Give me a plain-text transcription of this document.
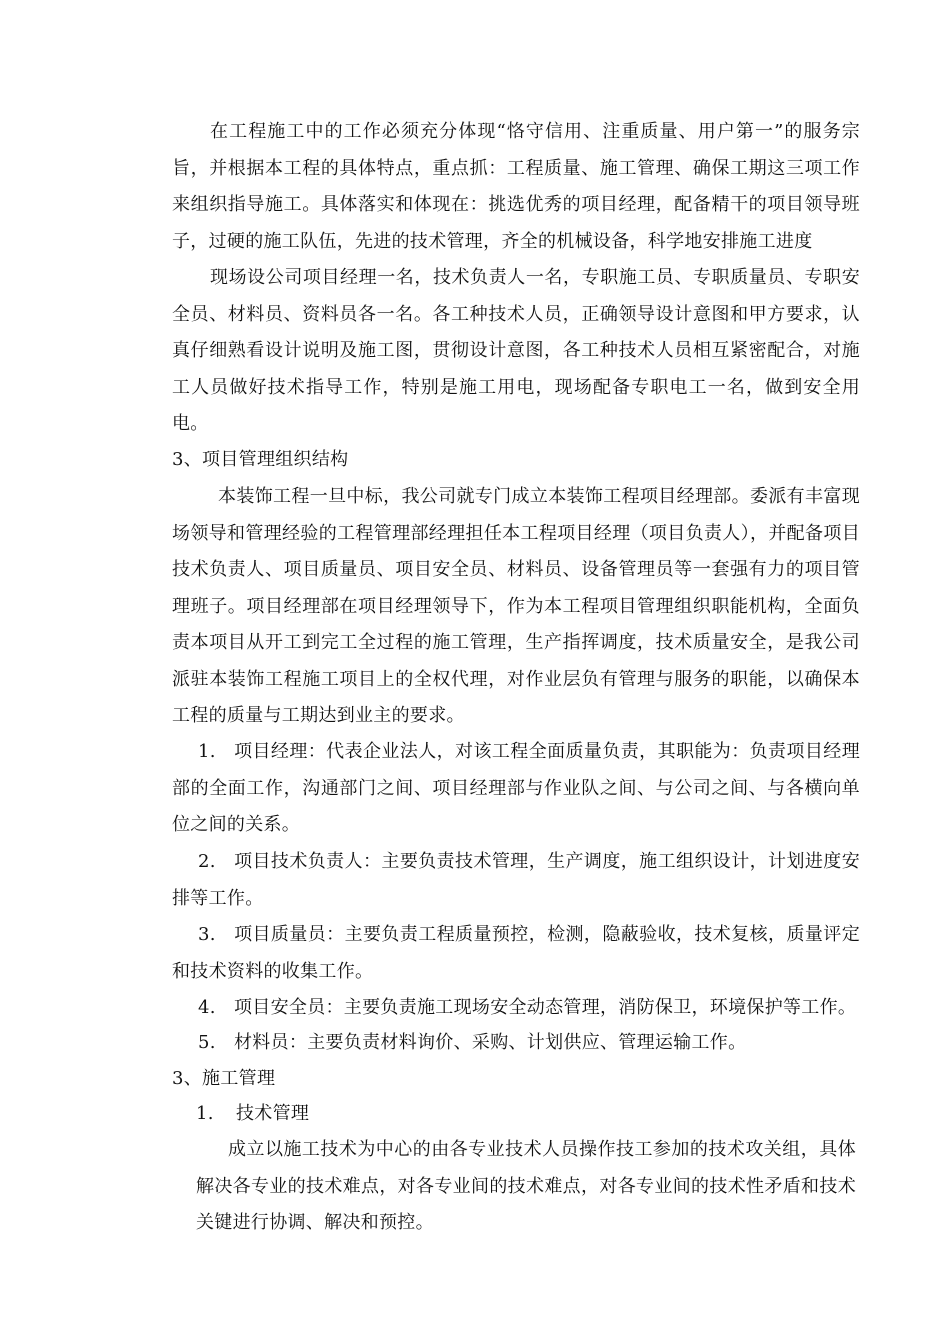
在工程施工中的工作必须充分体现“恪守信用、注重质量、用户第一”的服务宗旨，并根据本工程的具体特点，重点抓：工程质量、施工管理、确保工期这三项工作来组织指导施工。具体落实和体现在：挑选优秀的项目经理，配备精干的项目领导班子，过硬的施工队伍，先进的技术管理，齐全的机械设备，科学地安排施工进度
现场设公司项目经理一名，技术负责人一名，专职施工员、专职质量员、专职安全员、材料员、资料员各一名。各工种技术人员，正确领导设计意图和甲方要求，认真仔细熟看设计说明及施工图，贯彻设计意图，各工种技术人员相互紧密配合，对施工人员做好技术指导工作，特别是施工用电，现场配备专职电工一名，做到安全用电。
3、项目管理组织结构
本装饰工程一旦中标，我公司就专门成立本装饰工程项目经理部。委派有丰富现场领导和管理经验的工程管理部经理担任本工程项目经理（项目负责人），并配备项目技术负责人、项目质量员、项目安全员、材料员、设备管理员等一套强有力的项目管理班子。项目经理部在项目经理领导下，作为本工程项目管理组织职能机构，全面负责本项目从开工到完工全过程的施工管理，生产指挥调度，技术质量安全，是我公司派驻本装饰工程施工项目上的全权代理，对作业层负有管理与服务的职能，以确保本工程的质量与工期达到业主的要求。
1. 项目经理：代表企业法人，对该工程全面质量负责，其职能为：负责项目经理部的全面工作，沟通部门之间、项目经理部与作业队之间、与公司之间、与各横向单位之间的关系。
2. 项目技术负责人：主要负责技术管理，生产调度，施工组织设计，计划进度安排等工作。
3. 项目质量员：主要负责工程质量预控，检测，隐蔽验收，技术复核，质量评定和技术资料的收集工作。
4. 项目安全员：主要负责施工现场安全动态管理，消防保卫，环境保护等工作。
5. 材料员：主要负责材料询价、采购、计划供应、管理运输工作。
3、施工管理
1. 技术管理
成立以施工技术为中心的由各专业技术人员操作技工参加的技术攻关组，具体解决各专业的技术难点，对各专业间的技术难点，对各专业间的技术性矛盾和技术关键进行协调、解决和预控。
